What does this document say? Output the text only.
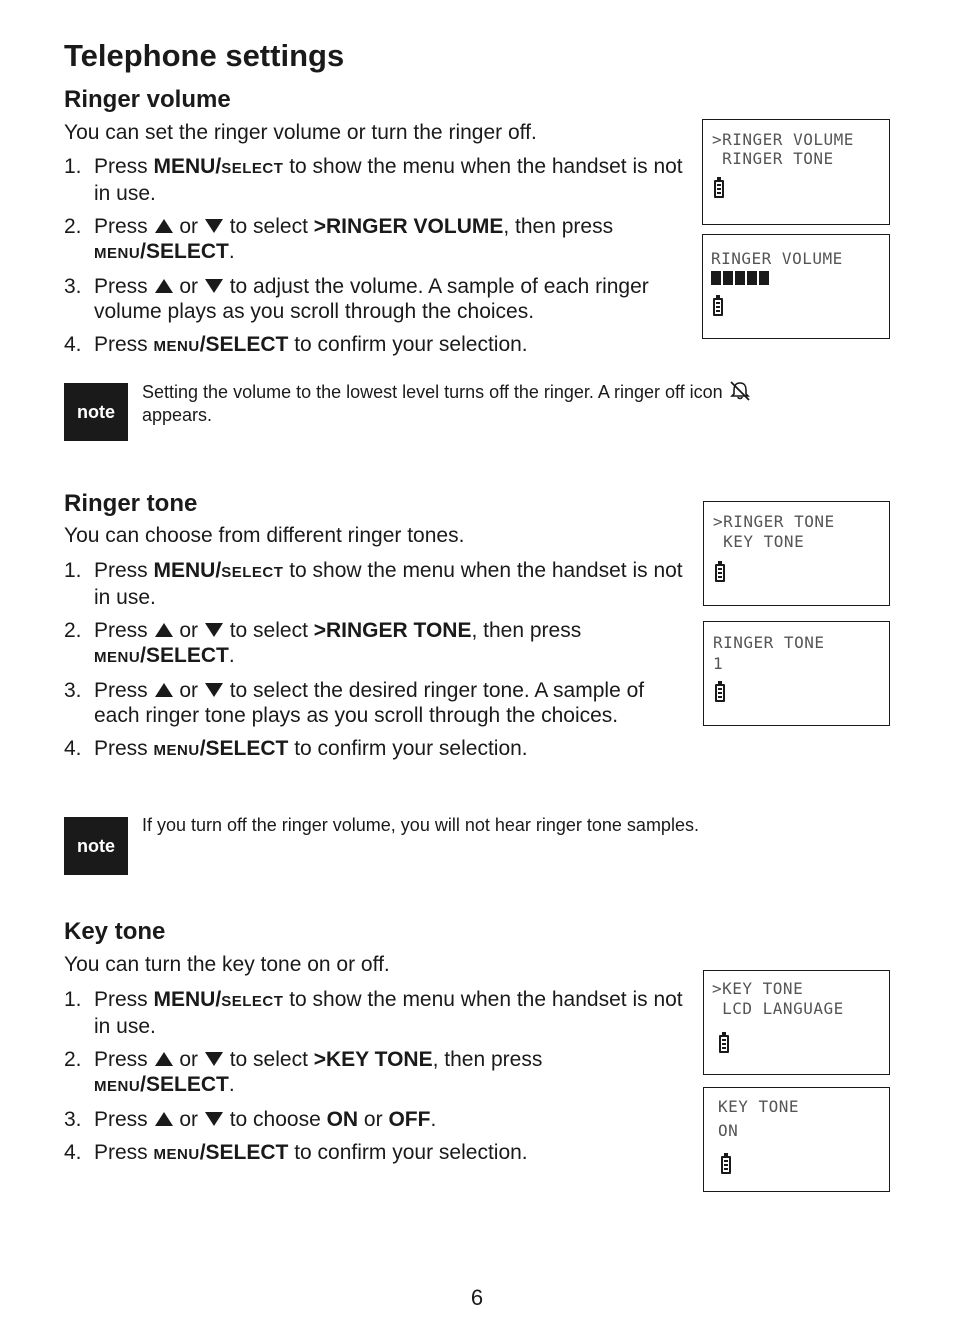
Telephone settings
Ringer volume

You can set the ringer volume or turn the ringer off.

1. Press MENU/SELECT to show the menu when the handset is not in use.
2. Press  or  to select >RINGER VOLUME, then press
MENU/SELECT.
3. Press  or  to adjust the volume. A sample of each ringer volume plays as you scroll through the choices.
4. Press MENU/SELECT to confirm your selection.
>RINGER VOLUME
RINGER TONE
RINGER VOLUME
note
Setting the volume to the lowest level turns off the ringer. A ringer off icon
appears.
Ringer tone

You can choose from different ringer tones.

1. Press MENU/SELECT to show the menu when the handset is not in use.
2. Press  or  to select >RINGER TONE, then press
MENU/SELECT.
3. Press  or  to select the desired ringer tone. A sample of each ringer tone plays as you scroll through the choices.
4. Press MENU/SELECT to confirm your selection.
>RINGER TONE
KEY TONE
RINGER TONE
1
note
If you turn off the ringer volume, you will not hear ringer tone samples.
Key tone

You can turn the key tone on or off.

1. Press MENU/SELECT to show the menu when the handset is not in use.
2. Press  or  to select >KEY TONE, then press
MENU/SELECT.
3. Press  or  to choose ON or OFF.
4. Press MENU/SELECT to confirm your selection.
>KEY TONE
LCD LANGUAGE
KEY TONE
ON
6
